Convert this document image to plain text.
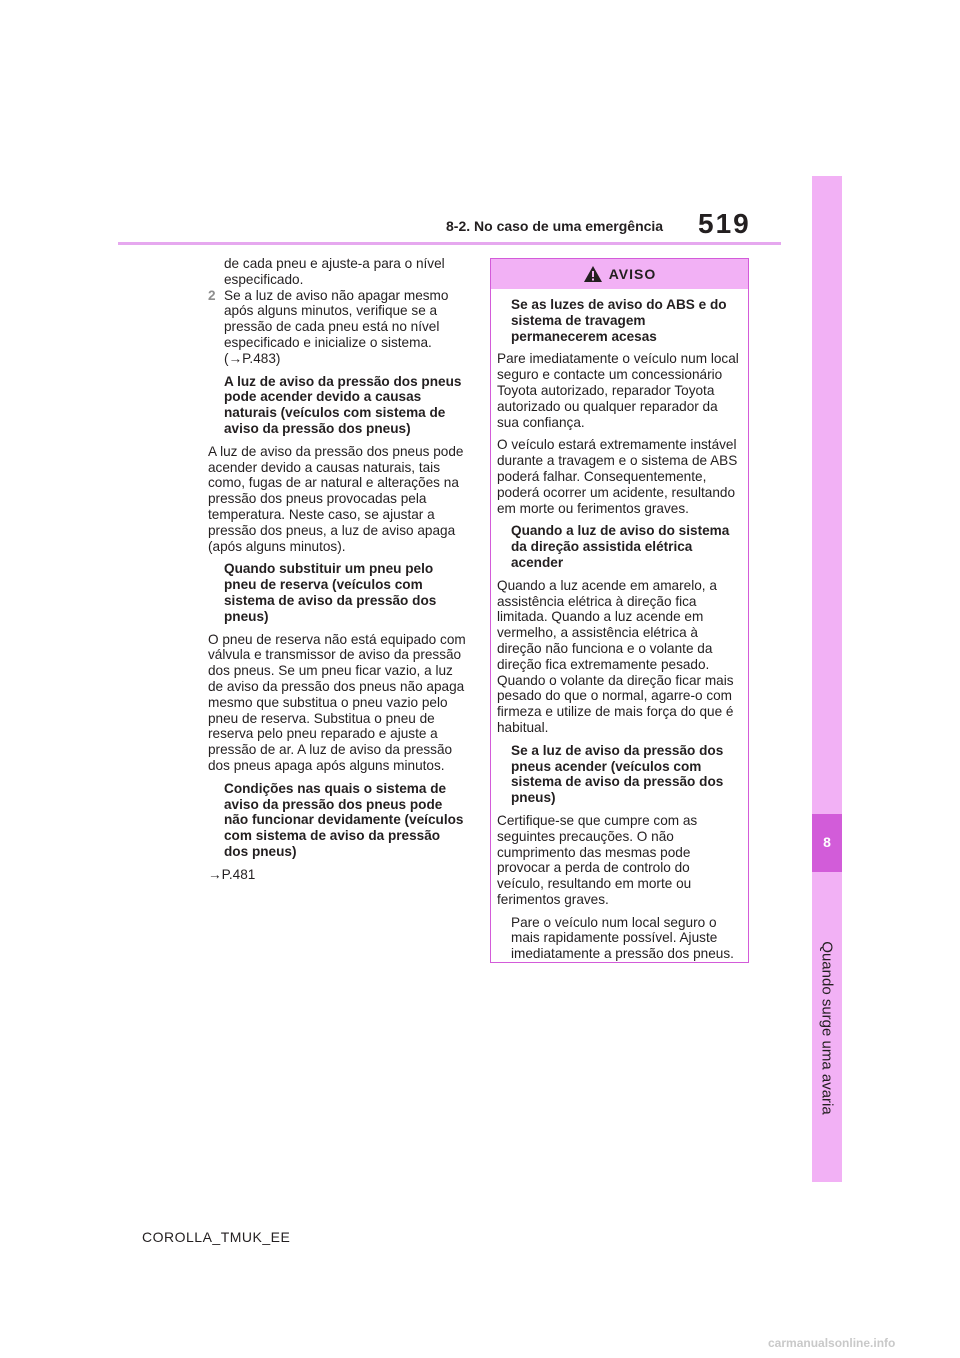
8-2. No caso de uma emergência 519
8
Quando surge uma avaria

de cada pneu e ajuste-a para o nível especificado.

2 Se a luz de aviso não apagar mesmo após alguns minutos, verifique se a pressão de cada pneu está no nível especificado e inicialize o sistema. (→P.483)

A luz de aviso da pressão dos pneus pode acender devido a causas naturais (veículos com sistema de aviso da pressão dos pneus)

A luz de aviso da pressão dos pneus pode acender devido a causas naturais, tais como, fugas de ar natural e alterações na pressão dos pneus provocadas pela temperatura. Neste caso, se ajustar a pressão dos pneus, a luz de aviso apaga (após alguns minutos).

Quando substituir um pneu pelo pneu de reserva (veículos com sistema de aviso da pressão dos pneus)

O pneu de reserva não está equipado com válvula e transmissor de aviso da pressão dos pneus. Se um pneu ficar vazio, a luz de aviso da pressão dos pneus não apaga mesmo que substitua o pneu vazio pelo pneu de reserva. Substitua o pneu de reserva pelo pneu reparado e ajuste a pressão de ar. A luz de aviso da pressão dos pneus apaga após alguns minutos.

Condições nas quais o sistema de aviso da pressão dos pneus pode não funcionar devidamente (veículos com sistema de aviso da pressão dos pneus)

→P.481

AVISO

Se as luzes de aviso do ABS e do sistema de travagem permanecerem acesas

Pare imediatamente o veículo num local seguro e contacte um concessionário Toyota autorizado, reparador Toyota autorizado ou qualquer reparador da sua confiança.

O veículo estará extremamente instável durante a travagem e o sistema de ABS poderá falhar. Consequentemente, poderá ocorrer um acidente, resultando em morte ou ferimentos graves.

Quando a luz de aviso do sistema da direção assistida elétrica acender

Quando a luz acende em amarelo, a assistência elétrica à direção fica limitada. Quando a luz acende em vermelho, a assistência elétrica à direção não funciona e o volante da direção fica extremamente pesado. Quando o volante da direção ficar mais pesado do que o normal, agarre-o com firmeza e utilize de mais força do que é habitual.

Se a luz de aviso da pressão dos pneus acender (veículos com sistema de aviso da pressão dos pneus)

Certifique-se que cumpre com as seguintes precauções. O não cumprimento das mesmas pode provocar a perda de controlo do veículo, resultando em morte ou ferimentos graves.

Pare o veículo num local seguro o mais rapidamente possível. Ajuste imediatamente a pressão dos pneus.

COROLLA_TMUK_EE
carmanualsonline.info
